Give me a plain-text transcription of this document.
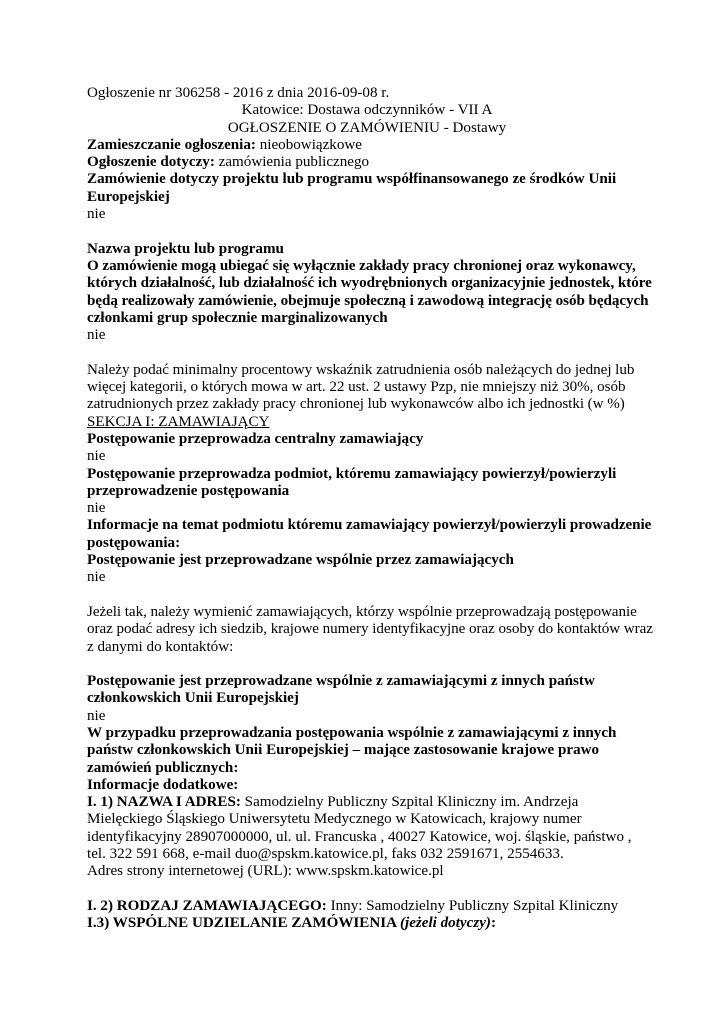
Ogłoszenie nr 306258 - 2016 z dnia 2016-09-08 r.
Katowice: Dostawa odczynników - VII A
OGŁOSZENIE O ZAMÓWIENIU - Dostawy
Zamieszczanie ogłoszenia: nieobowiązkowe
Ogłoszenie dotyczy: zamówienia publicznego
Zamówienie dotyczy projektu lub programu współfinansowanego ze środków Unii
Europejskiej
nie
Nazwa projektu lub programu
O zamówienie mogą ubiegać się wyłącznie zakłady pracy chronionej oraz wykonawcy,
których działalność, lub działalność ich wyodrębnionych organizacyjnie jednostek, które
będą realizowały zamówienie, obejmuje społeczną i zawodową integrację osób będących
członkami grup społecznie marginalizowanych
nie
Należy podać minimalny procentowy wskaźnik zatrudnienia osób należących do jednej lub
więcej kategorii, o których mowa w art. 22 ust. 2 ustawy Pzp, nie mniejszy niż 30%, osób
zatrudnionych przez zakłady pracy chronionej lub wykonawców albo ich jednostki (w %)
SEKCJA I: ZAMAWIAJĄCY
Postępowanie przeprowadza centralny zamawiający
nie
Postępowanie przeprowadza podmiot, któremu zamawiający powierzył/powierzyli
przeprowadzenie postępowania
nie
Informacje na temat podmiotu któremu zamawiający powierzył/powierzyli prowadzenie
postępowania:
Postępowanie jest przeprowadzane wspólnie przez zamawiających
nie
Jeżeli tak, należy wymienić zamawiających, którzy wspólnie przeprowadzają postępowanie
oraz podać adresy ich siedzib, krajowe numery identyfikacyjne oraz osoby do kontaktów wraz
z danymi do kontaktów:
Postępowanie jest przeprowadzane wspólnie z zamawiającymi z innych państw
członkowskich Unii Europejskiej
nie
W przypadku przeprowadzania postępowania wspólnie z zamawiającymi z innych
państw członkowskich Unii Europejskiej – mające zastosowanie krajowe prawo
zamówień publicznych:
Informacje dodatkowe:
I. 1) NAZWA I ADRES: Samodzielny Publiczny Szpital Kliniczny im. Andrzeja
Mielęckiego Śląskiego Uniwersytetu Medycznego w Katowicach, krajowy numer
identyfikacyjny 28907000000, ul. ul. Francuska , 40027 Katowice, woj. śląskie, państwo ,
tel. 322 591 668, e-mail duo@spskm.katowice.pl, faks 032 2591671, 2554633.
Adres strony internetowej (URL): www.spskm.katowice.pl
I. 2) RODZAJ ZAMAWIAJĄCEGO: Inny: Samodzielny Publiczny Szpital Kliniczny
I.3) WSPÓLNE UDZIELANIE ZAMÓWIENIA (jeżeli dotyczy):
